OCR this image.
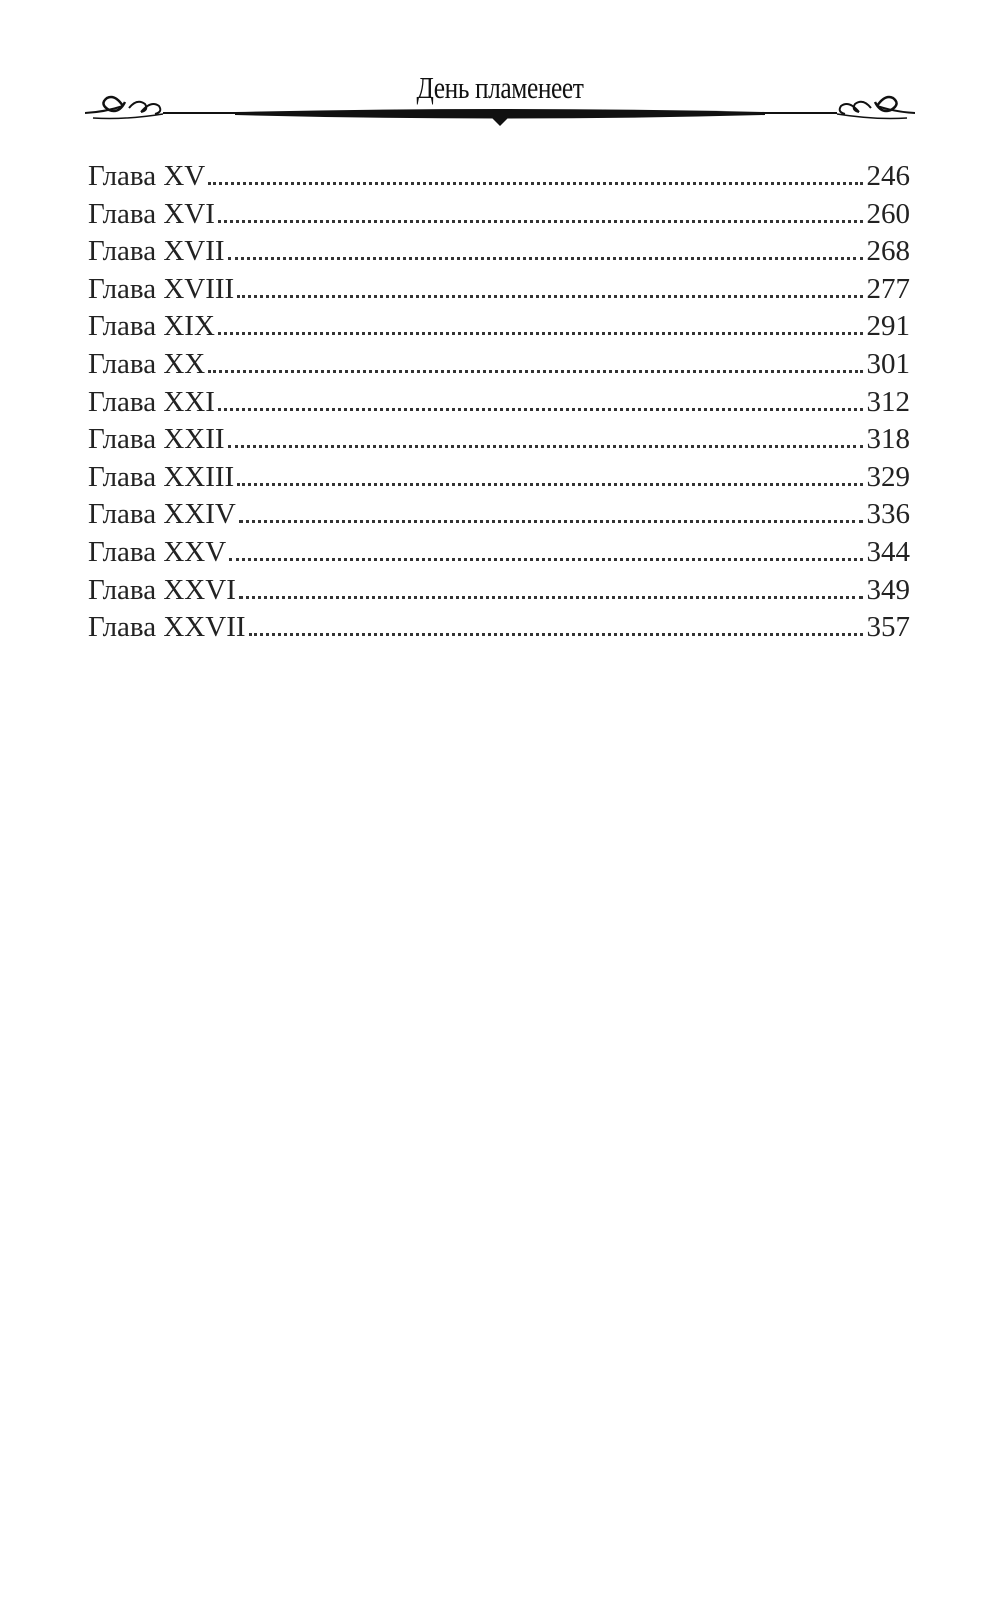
День пламенеет
Глава XV	246
Глава XVI	260
Глава XVII	268
Глава XVIII	277
Глава XIX	291
Глава XX	301
Глава XXI	312
Глава XXII	318
Глава XXIII	329
Глава XXIV	336
Глава XXV	344
Глава XXVI	349
Глава XXVII	357
